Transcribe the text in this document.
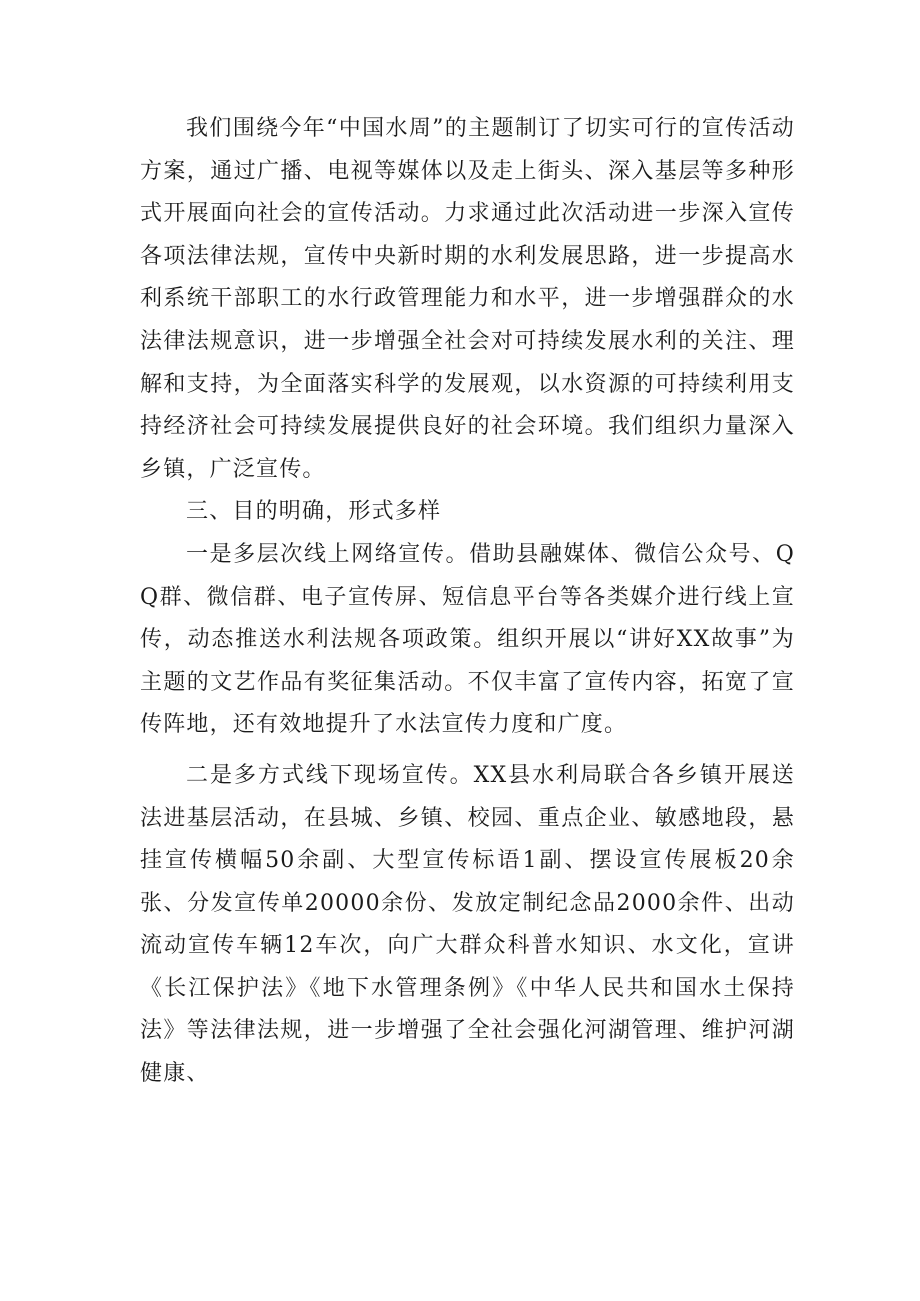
我们围绕今年“中国水周”的主题制订了切实可行的宣传活动方案，通过广播、电视等媒体以及走上街头、深入基层等多种形式开展面向社会的宣传活动。力求通过此次活动进一步深入宣传各项法律法规，宣传中央新时期的水利发展思路，进一步提高水利系统干部职工的水行政管理能力和水平，进一步增强群众的水法律法规意识，进一步增强全社会对可持续发展水利的关注、理解和支持，为全面落实科学的发展观，以水资源的可持续利用支持经济社会可持续发展提供良好的社会环境。我们组织力量深入乡镇，广泛宣传。

三、目的明确，形式多样

一是多层次线上网络宣传。借助县融媒体、微信公众号、QQ群、微信群、电子宣传屏、短信息平台等各类媒介进行线上宣传，动态推送水利法规各项政策。组织开展以“讲好XX故事”为主题的文艺作品有奖征集活动。不仅丰富了宣传内容，拓宽了宣传阵地，还有效地提升了水法宣传力度和广度。

二是多方式线下现场宣传。XX县水利局联合各乡镇开展送法进基层活动，在县城、乡镇、校园、重点企业、敏感地段，悬挂宣传横幅50余副、大型宣传标语1副、摆设宣传展板20余张、分发宣传单20000余份、发放定制纪念品2000余件、出动流动宣传车辆12车次，向广大群众科普水知识、水文化，宣讲《长江保护法》《地下水管理条例》《中华人民共和国水土保持法》等法律法规，进一步增强了全社会强化河湖管理、维护河湖健康、
